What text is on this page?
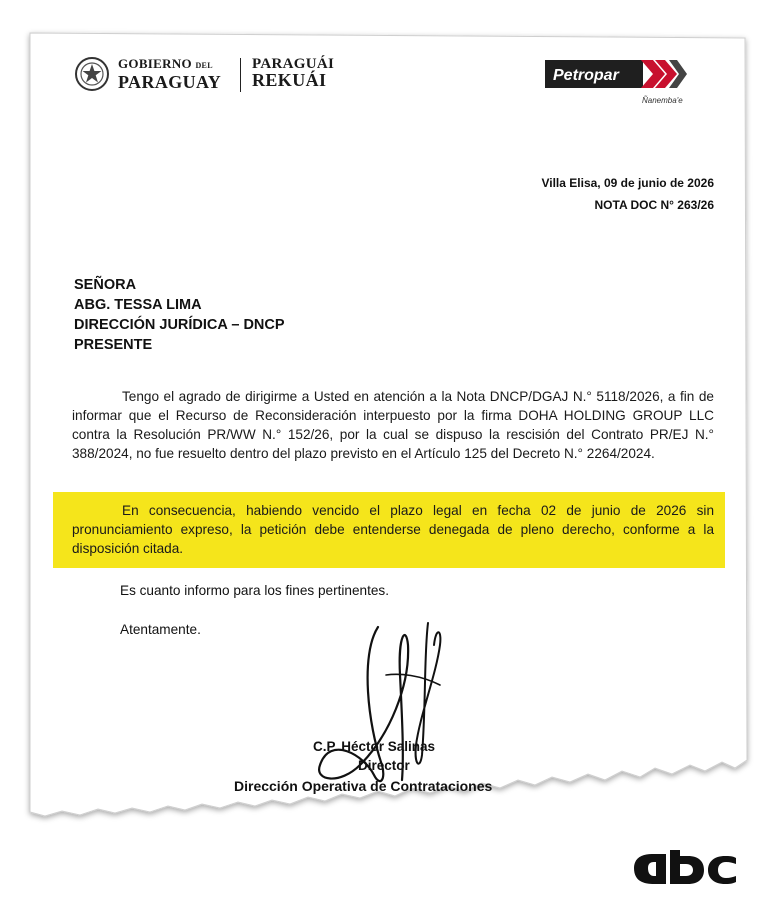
GOBIERNO DEL
PARAGUAY
PARAGUÁI
REKUÁI	Petropar
Ñanemba'e
Villa Elisa, 09 de junio de 2026
NOTA DOC N° 263/26
SEÑORA
ABG. TESSA LIMA
DIRECCIÓN JURÍDICA – DNCP
PRESENTE
Tengo el agrado de dirigirme a Usted en atención a la Nota DNCP/DGAJ N.° 5118/2026, a fin de informar que el Recurso de Reconsideración interpuesto por la firma DOHA HOLDING GROUP LLC contra la Resolución PR/WW N.° 152/26, por la cual se dispuso la rescisión del Contrato PR/EJ N.° 388/2024, no fue resuelto dentro del plazo previsto en el Artículo 125 del Decreto N.° 2264/2024.
En consecuencia, habiendo vencido el plazo legal en fecha 02 de junio de 2026 sin pronunciamiento expreso, la petición debe entenderse denegada de pleno derecho, conforme a la disposición citada.
Es cuanto informo para los fines pertinentes.
Atentamente.
C.P. Héctor Salinas
Director
Dirección Operativa de Contrataciones
